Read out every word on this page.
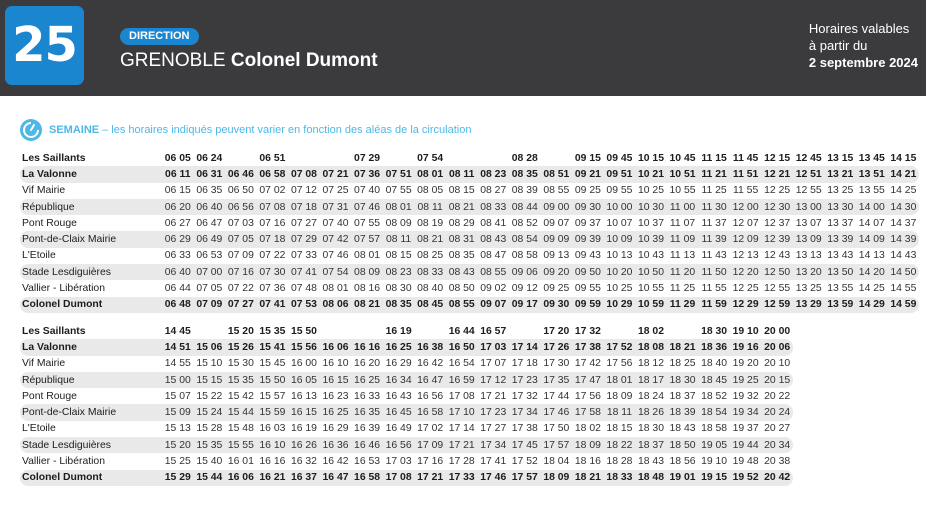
25	DIRECTION
GRENOBLE Colonel Dumont
Horaires valables
à partir du
2 septembre 2024
SEMAINE – les horaires indiqués peuvent varier en fonction des aléas de la circulation
Les Saillants	06 05	06 24		06 51			07 29		07 54			08 28		09 15	09 45	10 15	10 45	11 15	11 45	12 15	12 45	13 15	13 45	14 15
La Valonne	06 11	06 31	06 46	06 58	07 08	07 21	07 36	07 51	08 01	08 11	08 23	08 35	08 51	09 21	09 51	10 21	10 51	11 21	11 51	12 21	12 51	13 21	13 51	14 21
Vif Mairie	06 15	06 35	06 50	07 02	07 12	07 25	07 40	07 55	08 05	08 15	08 27	08 39	08 55	09 25	09 55	10 25	10 55	11 25	11 55	12 25	12 55	13 25	13 55	14 25
République	06 20	06 40	06 56	07 08	07 18	07 31	07 46	08 01	08 11	08 21	08 33	08 44	09 00	09 30	10 00	10 30	11 00	11 30	12 00	12 30	13 00	13 30	14 00	14 30
Pont Rouge	06 27	06 47	07 03	07 16	07 27	07 40	07 55	08 09	08 19	08 29	08 41	08 52	09 07	09 37	10 07	10 37	11 07	11 37	12 07	12 37	13 07	13 37	14 07	14 37
Pont-de-Claix Mairie	06 29	06 49	07 05	07 18	07 29	07 42	07 57	08 11	08 21	08 31	08 43	08 54	09 09	09 39	10 09	10 39	11 09	11 39	12 09	12 39	13 09	13 39	14 09	14 39
L'Etoile	06 33	06 53	07 09	07 22	07 33	07 46	08 01	08 15	08 25	08 35	08 47	08 58	09 13	09 43	10 13	10 43	11 13	11 43	12 13	12 43	13 13	13 43	14 13	14 43
Stade Lesdiguières	06 40	07 00	07 16	07 30	07 41	07 54	08 09	08 23	08 33	08 43	08 55	09 06	09 20	09 50	10 20	10 50	11 20	11 50	12 20	12 50	13 20	13 50	14 20	14 50
Vallier - Libération	06 44	07 05	07 22	07 36	07 48	08 01	08 16	08 30	08 40	08 50	09 02	09 12	09 25	09 55	10 25	10 55	11 25	11 55	12 25	12 55	13 25	13 55	14 25	14 55
Colonel Dumont	06 48	07 09	07 27	07 41	07 53	08 06	08 21	08 35	08 45	08 55	09 07	09 17	09 30	09 59	10 29	10 59	11 29	11 59	12 29	12 59	13 29	13 59	14 29	14 59
Les Saillants	14 45		15 20	15 35	15 50			16 19		16 44	16 57		17 20	17 32		18 02		18 30	19 10	20 00
La Valonne	14 51	15 06	15 26	15 41	15 56	16 06	16 16	16 25	16 38	16 50	17 03	17 14	17 26	17 38	17 52	18 08	18 21	18 36	19 16	20 06
Vif Mairie	14 55	15 10	15 30	15 45	16 00	16 10	16 20	16 29	16 42	16 54	17 07	17 18	17 30	17 42	17 56	18 12	18 25	18 40	19 20	20 10
République	15 00	15 15	15 35	15 50	16 05	16 15	16 25	16 34	16 47	16 59	17 12	17 23	17 35	17 47	18 01	18 17	18 30	18 45	19 25	20 15
Pont Rouge	15 07	15 22	15 42	15 57	16 13	16 23	16 33	16 43	16 56	17 08	17 21	17 32	17 44	17 56	18 09	18 24	18 37	18 52	19 32	20 22
Pont-de-Claix Mairie	15 09	15 24	15 44	15 59	16 15	16 25	16 35	16 45	16 58	17 10	17 23	17 34	17 46	17 58	18 11	18 26	18 39	18 54	19 34	20 24
L'Etoile	15 13	15 28	15 48	16 03	16 19	16 29	16 39	16 49	17 02	17 14	17 27	17 38	17 50	18 02	18 15	18 30	18 43	18 58	19 37	20 27
Stade Lesdiguières	15 20	15 35	15 55	16 10	16 26	16 36	16 46	16 56	17 09	17 21	17 34	17 45	17 57	18 09	18 22	18 37	18 50	19 05	19 44	20 34
Vallier - Libération	15 25	15 40	16 01	16 16	16 32	16 42	16 53	17 03	17 16	17 28	17 41	17 52	18 04	18 16	18 28	18 43	18 56	19 10	19 48	20 38
Colonel Dumont	15 29	15 44	16 06	16 21	16 37	16 47	16 58	17 08	17 21	17 33	17 46	17 57	18 09	18 21	18 33	18 48	19 01	19 15	19 52	20 42
